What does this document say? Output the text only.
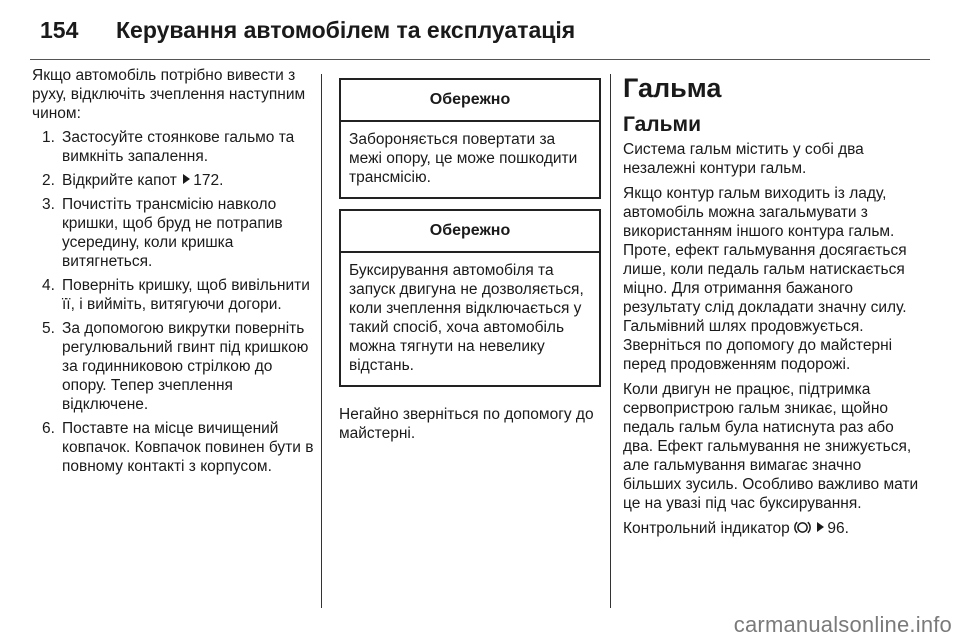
154 Керування автомобілем та експлуатація

Якщо автомобіль потрібно вивести з руху, відключіть зчеплення наступним чином:

1. Застосуйте стоянкове гальмо та вимкніть запалення.
2. Відкрийте капот 172.
3. Почистіть трансмісію навколо кришки, щоб бруд не потрапив усередину, коли кришка витягнеться.
4. Поверніть кришку, щоб вивільнити її, і вийміть, витягуючи догори.
5. За допомогою викрутки поверніть регулювальний гвинт під кришкою за годинниковою стрілкою до опору. Тепер зчеплення відключене.
6. Поставте на місце вичищений ковпачок. Ковпачок повинен бути в повному контакті з корпусом.
Обережно
Забороняється повертати за межі опору, це може пошкодити трансмісію.
Обережно
Буксирування автомобіля та запуск двигуна не дозволяється, коли зчеплення відключається у такий спосіб, хоча автомобіль можна тягнути на невелику відстань.

Негайно зверніться по допомогу до майстерні.

Гальма
Гальми

Система гальм містить у собі два незалежні контури гальм.

Якщо контур гальм виходить із ладу, автомобіль можна загальмувати з використанням іншого контура гальм. Проте, ефект гальмування досягається лише, коли педаль гальм натискається міцно. Для отримання бажаного результату слід докладати значну силу. Гальмівний шлях продовжується. Зверніться по допомогу до майстерні перед продовженням подорожі.

Коли двигун не працює, підтримка сервопристрою гальм зникає, щойно педаль гальм була натиснута раз або два. Ефект гальмування не знижується, але гальмування вимагає значно більших зусиль. Особливо важливо мати це на увазі під час буксирування.

Контрольний індикатор 96.

carmanualsonline.info
